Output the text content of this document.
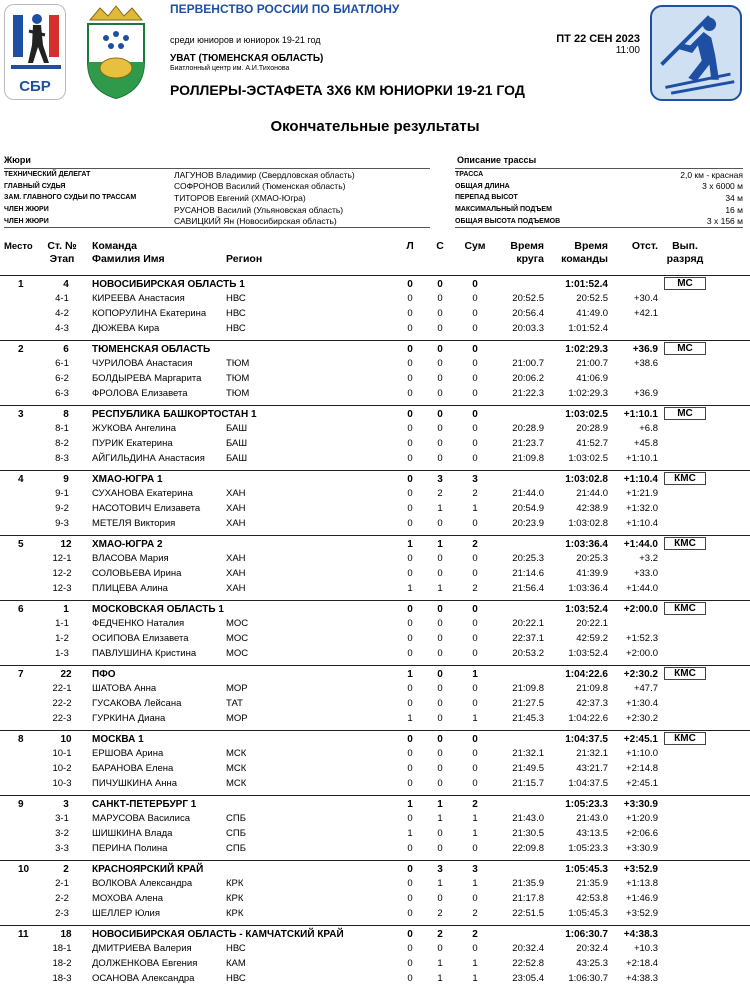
СБР
ПЕРВЕНСТВО РОССИИ ПО БИАТЛОНУ
среди юниоров и юниорок 19-21 год	ПТ 22 СЕН 2023
11:00
УВАТ (ТЮМЕНСКАЯ ОБЛАСТЬ)
Биатлонный центр им. А.И.Тихонова
РОЛЛЕРЫ-ЭСТАФЕТА 3X6 КМ ЮНИОРКИ 19-21 ГОД
Окончательные результаты
Жюри	Описание трассы
ТЕХНИЧЕСКИЙ ДЕЛЕГАТ	ЛАГУНОВ Владимир (Свердловская область)
ГЛАВНЫЙ СУДЬЯ	СОФРОНОВ Василий (Тюменская область)
ЗАМ. ГЛАВНОГО СУДЬИ ПО ТРАССАМ	ТИТОРОВ Евгений (ХМАО-Югра)
ЧЛЕН ЖЮРИ	РУСАНОВ Василий (Ульяновская область)
ЧЛЕН ЖЮРИ	САВИЦКИЙ Ян (Новосибирская область)
ТРАССА	2,0 км - красная
ОБЩАЯ ДЛИНА	3 x 6000 м
ПЕРЕПАД ВЫСОТ	34 м
МАКСИМАЛЬНЫЙ ПОДЪЕМ	16 м
ОБЩАЯ ВЫСОТА ПОДЪЕМОВ	3 x 156 м
Место	Ст. №
Этап
Команда
Фамилия Имя	Регион
Л	С	Сум	Время
круга
Время
команды
Отст.	Вып.
разряд
1	4	НОВОСИБИРСКАЯ ОБЛАСТЬ 1	0	0	0	1:01:52.4	МС
4-1	КИРЕЕВА Анастасия	НВС	0	0	0	20:52.5	20:52.5	+30.4
4-2	КОПОРУЛИНА Екатерина НВС	0	0	0	20:56.4	41:49.0	+42.1
4-3	ДЮЖЕВА Кира	НВС	0	0	0	20:03.3	1:01:52.4
2	6	ТЮМЕНСКАЯ ОБЛАСТЬ	0	0	0	1:02:29.3	+36.9	МС
6-1	ЧУРИЛОВА Анастасия	ТЮМ	0	0	0	21:00.7	21:00.7	+38.6
6-2	БОЛДЫРЕВА Маргарита	ТЮМ	0	0	0	20:06.2	41:06.9
6-3	ФРОЛОВА Елизавета	ТЮМ	0	0	0	21:22.3	1:02:29.3	+36.9
3	8	РЕСПУБЛИКА БАШКОРТОСТАН 1	0	0	0	1:03:02.5	+1:10.1	МС
8-1	ЖУКОВА Ангелина	БАШ	0	0	0	20:28.9	20:28.9	+6.8
8-2	ПУРИК Екатерина	БАШ	0	0	0	21:23.7	41:52.7	+45.8
8-3	АЙГИЛЬДИНА Анастасия БАШ	0	0	0	21:09.8	1:03:02.5	+1:10.1
4	9	ХМАО-ЮГРА 1	0	3	3	1:03:02.8	+1:10.4	КМС
9-1	СУХАНОВА Екатерина	ХАН	0	2	2	21:44.0	21:44.0	+1:21.9
9-2	НАСОТОВИЧ Елизавета	ХАН	0	1	1	20:54.9	42:38.9	+1:32.0
9-3	МЕТЕЛЯ Виктория	ХАН	0	0	0	20:23.9	1:03:02.8	+1:10.4
5	12	ХМАО-ЮГРА 2	1	1	2	1:03:36.4	+1:44.0	КМС
12-1	ВЛАСОВА Мария	ХАН	0	0	0	20:25.3	20:25.3	+3.2
12-2	СОЛОВЬЕВА Ирина	ХАН	0	0	0	21:14.6	41:39.9	+33.0
12-3	ПЛИЦЕВА Алина	ХАН	1	1	2	21:56.4	1:03:36.4	+1:44.0
6	1	МОСКОВСКАЯ ОБЛАСТЬ 1	0	0	0	1:03:52.4	+2:00.0	КМС
1-1	ФЕДЧЕНКО Наталия	МОС	0	0	0	20:22.1	20:22.1
1-2	ОСИПОВА Елизавета	МОС	0	0	0	22:37.1	42:59.2	+1:52.3
1-3	ПАВЛУШИНА Кристина	МОС	0	0	0	20:53.2	1:03:52.4	+2:00.0
7	22	ПФО	1	0	1	1:04:22.6	+2:30.2	КМС
22-1	ШАТОВА Анна	МОР	0	0	0	21:09.8	21:09.8	+47.7
22-2	ГУСАКОВА Лейсана	ТАТ	0	0	0	21:27.5	42:37.3	+1:30.4
22-3	ГУРКИНА Диана	МОР	1	0	1	21:45.3	1:04:22.6	+2:30.2
8	10	МОСКВА 1	0	0	0	1:04:37.5	+2:45.1	КМС
10-1	ЕРШОВА Арина	МСК	0	0	0	21:32.1	21:32.1	+1:10.0
10-2	БАРАНОВА Елена	МСК	0	0	0	21:49.5	43:21.7	+2:14.8
10-3	ПИЧУШКИНА Анна	МСК	0	0	0	21:15.7	1:04:37.5	+2:45.1
9	3	САНКТ-ПЕТЕРБУРГ 1	1	1	2	1:05:23.3	+3:30.9
3-1	МАРУСОВА Василиса	СПБ	0	1	1	21:43.0	21:43.0	+1:20.9
3-2	ШИШКИНА Влада	СПБ	1	0	1	21:30.5	43:13.5	+2:06.6
3-3	ПЕРИНА Полина	СПБ	0	0	0	22:09.8	1:05:23.3	+3:30.9
10	2	КРАСНОЯРСКИЙ КРАЙ	0	3	3	1:05:45.3	+3:52.9
2-1	ВОЛКОВА Александра	КРК	0	1	1	21:35.9	21:35.9	+1:13.8
2-2	МОХОВА Алена	КРК	0	0	0	21:17.8	42:53.8	+1:46.9
2-3	ШЕЛЛЕР Юлия	КРК	0	2	2	22:51.5	1:05:45.3	+3:52.9
11	18	НОВОСИБИРСКАЯ ОБЛАСТЬ - КАМЧАТСКИЙ КРАЙ	0	2	2	1:06:30.7	+4:38.3
18-1	ДМИТРИЕВА Валерия	НВС	0	0	0	20:32.4	20:32.4	+10.3
18-2	ДОЛЖЕНКОВА Евгения	КАМ	0	1	1	22:52.8	43:25.3	+2:18.4
18-3	ОСАНОВА Александра	НВС	0	1	1	23:05.4	1:06:30.7	+4:38.3
